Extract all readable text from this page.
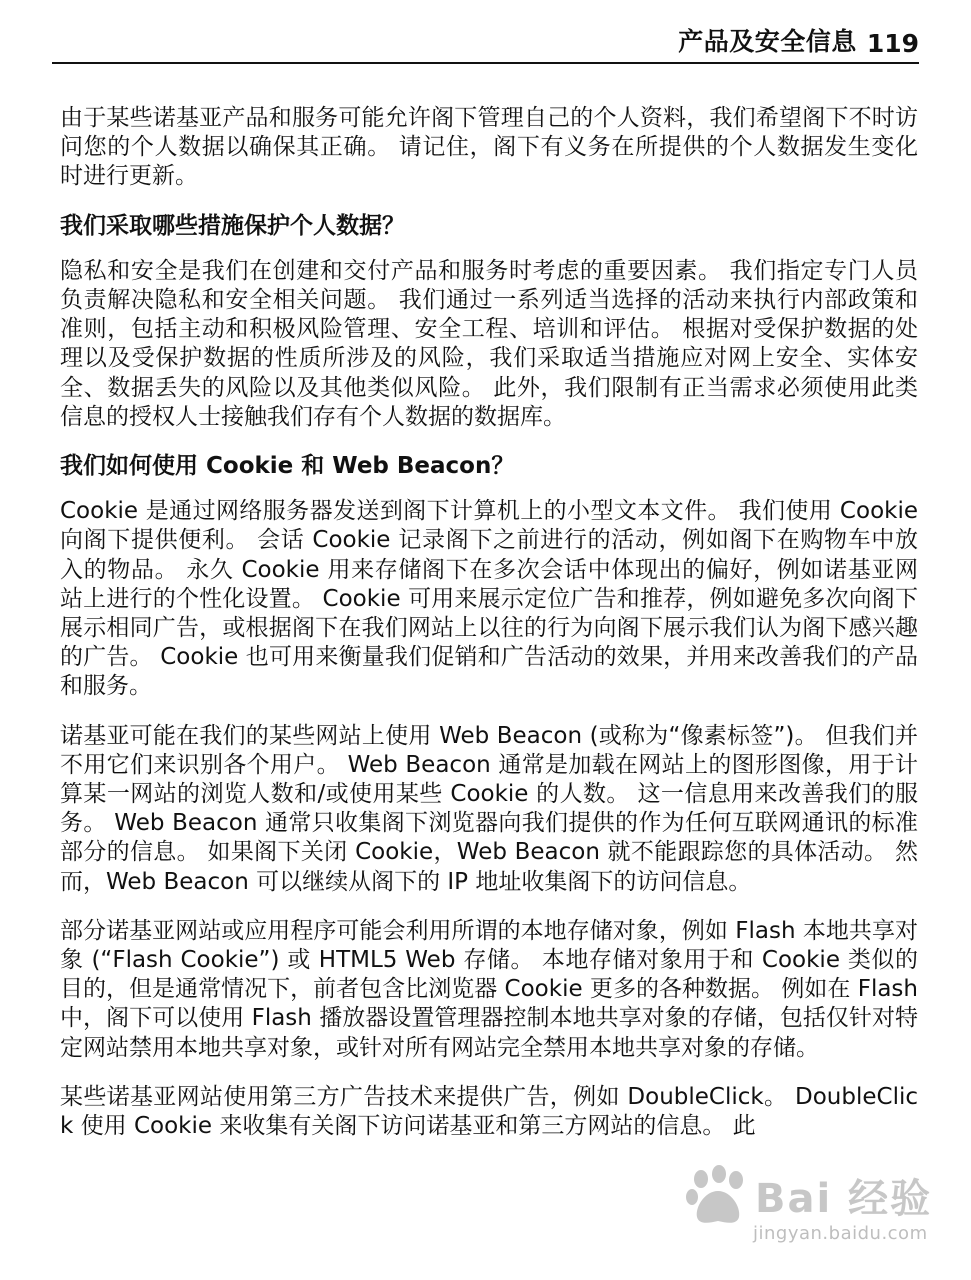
产品及安全信息 119

由于某些诺基亚产品和服务可能允许阁下管理自己的个人资料，我们希望阁下不时访问您的个人数据以确保其正确。 请记住，阁下有义务在所提供的个人数据发生变化时进行更新。

我们采取哪些措施保护个人数据？

隐私和安全是我们在创建和交付产品和服务时考虑的重要因素。 我们指定专门人员负责解决隐私和安全相关问题。 我们通过一系列适当选择的活动来执行内部政策和准则，包括主动和积极风险管理、安全工程、培训和评估。 根据对受保护数据的处理以及受保护数据的性质所涉及的风险，我们采取适当措施应对网上安全、实体安全、数据丢失的风险以及其他类似风险。 此外，我们限制有正当需求必须使用此类信息的授权人士接触我们存有个人数据的数据库。

我们如何使用 Cookie 和 Web Beacon？

Cookie 是通过网络服务器发送到阁下计算机上的小型文本文件。 我们使用 Cookie 向阁下提供便利。 会话 Cookie 记录阁下之前进行的活动，例如阁下在购物车中放入的物品。 永久 Cookie 用来存储阁下在多次会话中体现出的偏好，例如诺基亚网站上进行的个性化设置。 Cookie 可用来展示定位广告和推荐，例如避免多次向阁下展示相同广告，或根据阁下在我们网站上以往的行为向阁下展示我们认为阁下感兴趣的广告。 Cookie 也可用来衡量我们促销和广告活动的效果，并用来改善我们的产品和服务。

诺基亚可能在我们的某些网站上使用 Web Beacon (或称为“像素标签”)。 但我们并不用它们来识别各个用户。 Web Beacon 通常是加载在网站上的图形图像，用于计算某一网站的浏览人数和/或使用某些 Cookie 的人数。 这一信息用来改善我们的服务。 Web Beacon 通常只收集阁下浏览器向我们提供的作为任何互联网通讯的标准部分的信息。 如果阁下关闭 Cookie，Web Beacon 就不能跟踪您的具体活动。 然而，Web Beacon 可以继续从阁下的 IP 地址收集阁下的访问信息。

部分诺基亚网站或应用程序可能会利用所谓的本地存储对象，例如 Flash 本地共享对象 (“Flash Cookie”) 或 HTML5 Web 存储。 本地存储对象用于和 Cookie 类似的目的，但是通常情况下，前者包含比浏览器 Cookie 更多的各种数据。 例如在 Flash 中，阁下可以使用 Flash 播放器设置管理器控制本地共享对象的存储，包括仅针对特定网站禁用本地共享对象，或针对所有网站完全禁用本地共享对象的存储。

某些诺基亚网站使用第三方广告技术来提供广告，例如 DoubleClick。 DoubleClick 使用 Cookie 来收集有关阁下访问诺基亚和第三方网站的信息。 此

Bai 经验
jingyan.baidu.com
